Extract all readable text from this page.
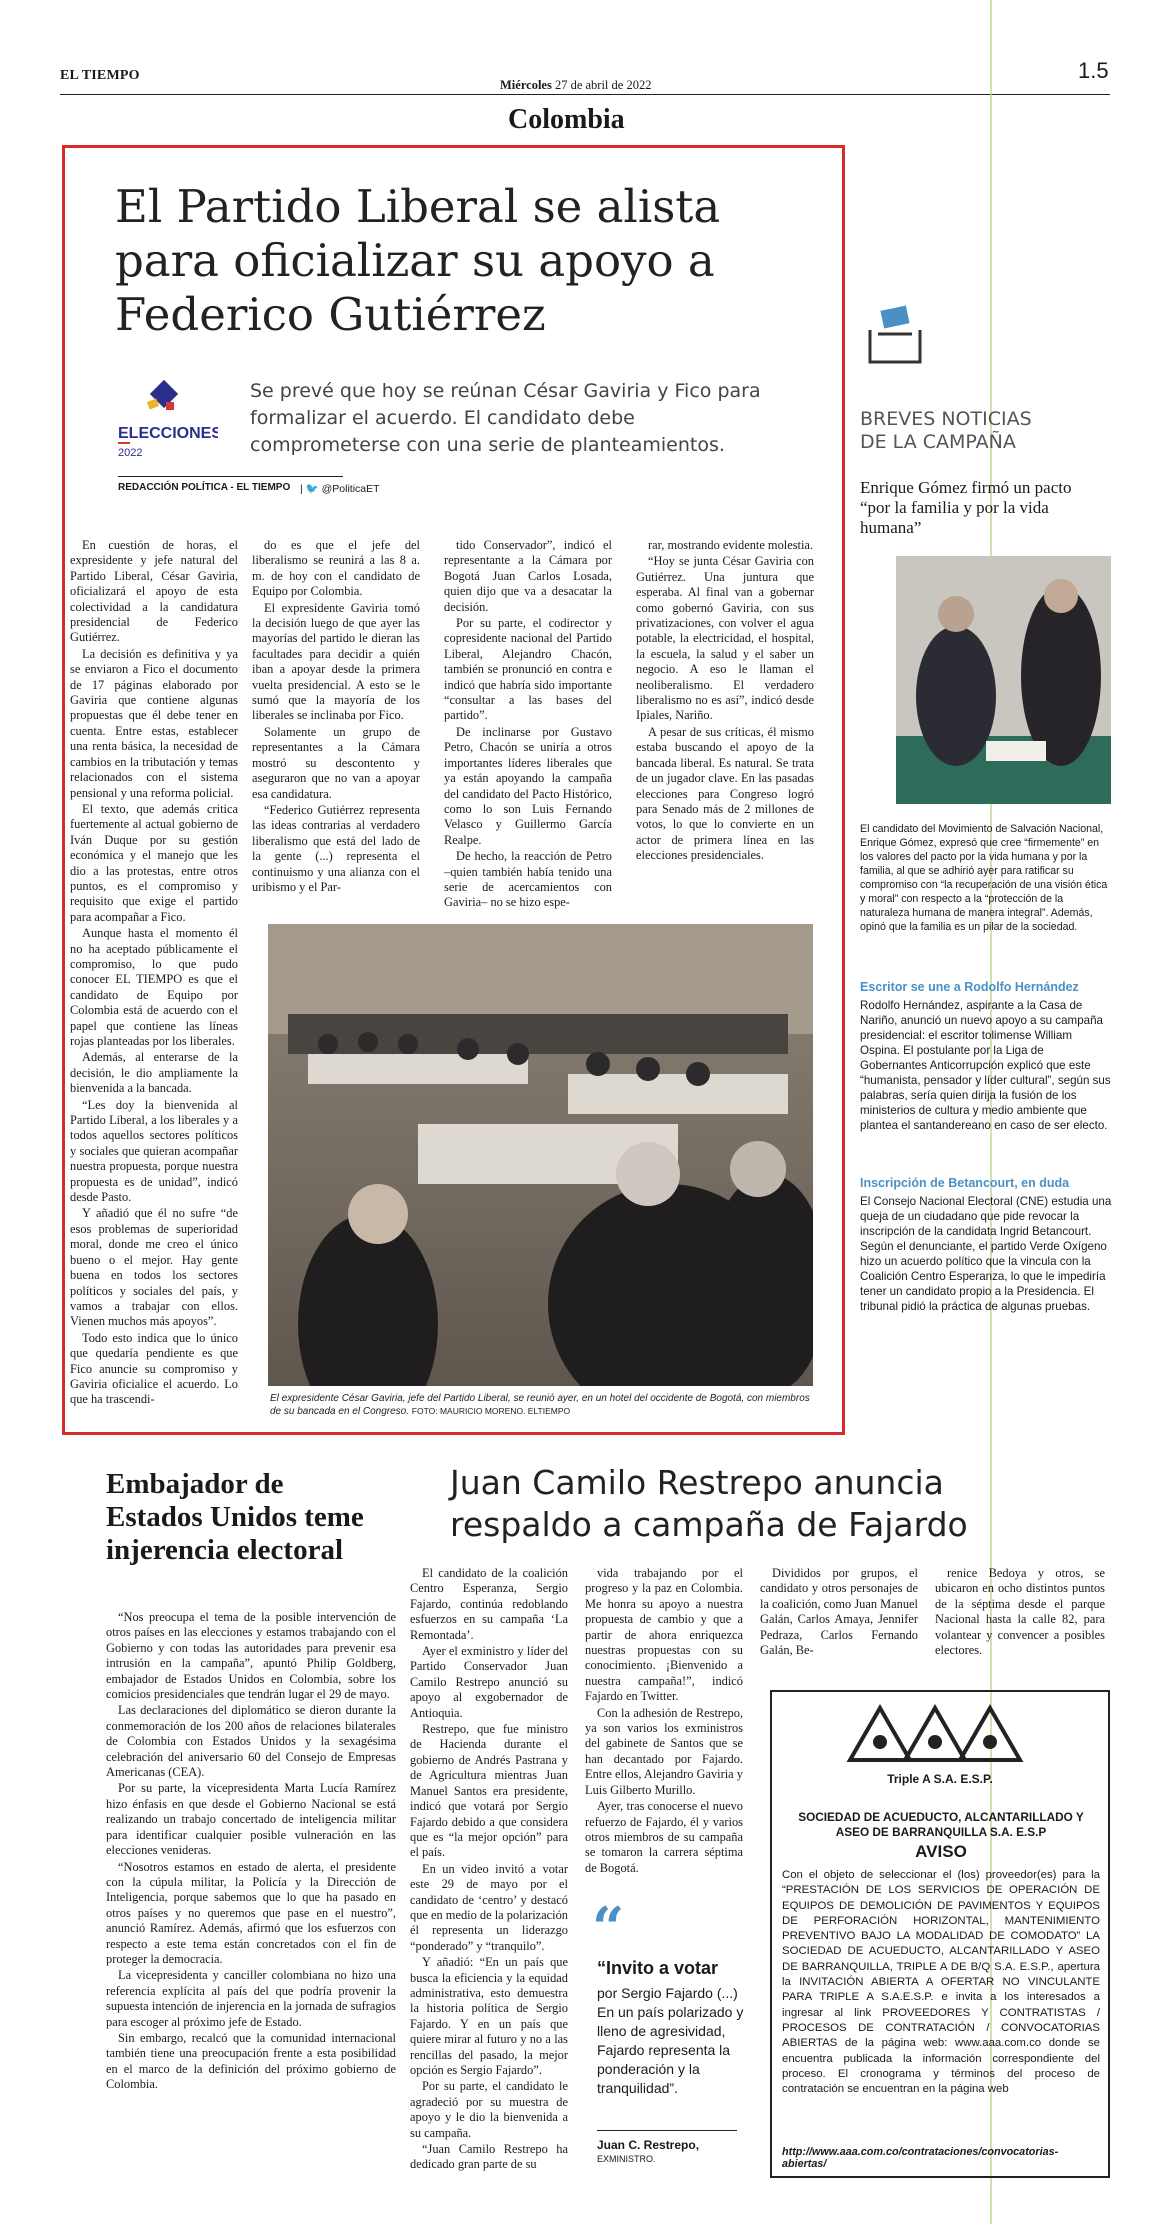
EL TIEMPO
Miércoles 27 de abril de 2022
1.5
Colombia
El Partido Liberal se alista para oficializar su apoyo a Federico Gutiérrez
ELECCIONES
2022
Se prevé que hoy se reúnan César Gaviria y Fico para formalizar el acuerdo. El candidato debe comprometerse con una serie de planteamientos.
REDACCIÓN POLÍTICA - EL TIEMPO | 🐦 @PoliticaET

En cuestión de horas, el expresidente y jefe natural del Partido Liberal, César Gaviria, oficializará el apoyo de esta colectividad a la candidatura presidencial de Federico Gutiérrez.

La decisión es definitiva y ya se enviaron a Fico el documento de 17 páginas elaborado por Gaviria que contiene algunas propuestas que él debe tener en cuenta. Entre estas, establecer una renta básica, la necesidad de cambios en la tributación y temas relacionados con el sistema pensional y una reforma policial.

El texto, que además critica fuertemente al actual gobierno de Iván Duque por su gestión económica y el manejo que les dio a las protestas, entre otros puntos, es el compromiso y requisito que exige el partido para acompañar a Fico.

Aunque hasta el momento él no ha aceptado públicamente el compromiso, lo que pudo conocer EL TIEMPO es que el candidato de Equipo por Colombia está de acuerdo con el papel que contiene las líneas rojas planteadas por los liberales.

Además, al enterarse de la decisión, le dio ampliamente la bienvenida a la bancada.

“Les doy la bienvenida al Partido Liberal, a los liberales y a todos aquellos sectores políticos y sociales que quieran acompañar nuestra propuesta, porque nuestra propuesta es de unidad”, indicó desde Pasto.

Y añadió que él no sufre “de esos problemas de superioridad moral, donde me creo el único bueno o el mejor. Hay gente buena en todos los sectores políticos y sociales del país, y vamos a trabajar con ellos. Vienen muchos más apoyos”.

Todo esto indica que lo único que quedaría pendiente es que Fico anuncie su compromiso y Gaviria oficialice el acuerdo. Lo que ha trascendi-

do es que el jefe del liberalismo se reunirá a las 8 a. m. de hoy con el candidato de Equipo por Colombia.

El expresidente Gaviria tomó la decisión luego de que ayer las mayorías del partido le dieran las facultades para decidir a quién iban a apoyar desde la primera vuelta presidencial. A esto se le sumó que la mayoría de los liberales se inclinaba por Fico.

Solamente un grupo de representantes a la Cámara mostró su descontento y aseguraron que no van a apoyar esa candidatura.

“Federico Gutiérrez representa las ideas contrarias al verdadero liberalismo que está del lado de la gente (...) representa el continuismo y una alianza con el uribismo y el Par-

tido Conservador”, indicó el representante a la Cámara por Bogotá Juan Carlos Losada, quien dijo que va a desacatar la decisión.

Por su parte, el codirector y copresidente nacional del Partido Liberal, Alejandro Chacón, también se pronunció en contra e indicó que habría sido importante “consultar a las bases del partido”.

De inclinarse por Gustavo Petro, Chacón se uniría a otros importantes líderes liberales que ya están apoyando la campaña del candidato del Pacto Histórico, como lo son Luis Fernando Velasco y Guillermo García Realpe.

De hecho, la reacción de Petro –quien también había tenido una serie de acercamientos con Gaviria– no se hizo espe-

rar, mostrando evidente molestia.

“Hoy se junta César Gaviria con Gutiérrez. Una juntura que esperaba. Al final van a gobernar como gobernó Gaviria, con sus privatizaciones, con volver el agua potable, la electricidad, el hospital, la escuela, la salud y el saber un negocio. A eso le llaman el neoliberalismo. El verdadero liberalismo no es así”, indicó desde Ipiales, Nariño.

A pesar de sus críticas, él mismo estaba buscando el apoyo de la bancada liberal. Es natural. Se trata de un jugador clave. En las pasadas elecciones para Congreso logró para Senado más de 2 millones de votos, lo que lo convierte en un actor de primera línea en las elecciones presidenciales.

El expresidente César Gaviria, jefe del Partido Liberal, se reunió ayer, en un hotel del occidente de Bogotá, con miembros de su bancada en el Congreso. FOTO: MAURICIO MORENO. ELTIEMPO
BREVES NOTICIAS
DE LA CAMPAÑA
Enrique Gómez firmó un pacto “por la familia y por la vida humana”
El candidato del Movimiento de Salvación Nacional, Enrique Gómez, expresó que cree “firmemente” en los valores del pacto por la vida humana y por la familia, al que se adhirió ayer para ratificar su compromiso con “la recuperación de una visión ética y moral” con respecto a la “protección de la naturaleza humana de manera integral”. Además, opinó que la familia es un pilar de la sociedad.
Escritor se une a Rodolfo Hernández
Rodolfo Hernández, aspirante a la Casa de Nariño, anunció un nuevo apoyo a su campaña presidencial: el escritor tolimense William Ospina. El postulante por la Liga de Gobernantes Anticorrupción explicó que este “humanista, pensador y líder cultural”, según sus palabras, sería quien dirija la fusión de los ministerios de cultura y medio ambiente que plantea el santandereano en caso de ser electo.
Inscripción de Betancourt, en duda
El Consejo Nacional Electoral (CNE) estudia una queja de un ciudadano que pide revocar la inscripción de la candidata Ingrid Betancourt. Según el denunciante, el partido Verde Oxígeno hizo un acuerdo político que la vincula con la Coalición Centro Esperanza, lo que le impediría tener un candidato propio a la Presidencia. El tribunal pidió la práctica de algunas pruebas.
Embajador de Estados Unidos teme injerencia electoral

“Nos preocupa el tema de la posible intervención de otros países en las elecciones y estamos trabajando con el Gobierno y con todas las autoridades para prevenir esa intrusión en la campaña”, apuntó Philip Goldberg, embajador de Estados Unidos en Colombia, sobre los comicios presidenciales que tendrán lugar el 29 de mayo.

Las declaraciones del diplomático se dieron durante la conmemoración de los 200 años de relaciones bilaterales de Colombia con Estados Unidos y la sexagésima celebración del aniversario 60 del Consejo de Empresas Americanas (CEA).

Por su parte, la vicepresidenta Marta Lucía Ramírez hizo énfasis en que desde el Gobierno Nacional se está realizando un trabajo concertado de inteligencia militar para identificar cualquier posible vulneración en las elecciones venideras.

“Nosotros estamos en estado de alerta, el presidente con la cúpula militar, la Policía y la Dirección de Inteligencia, porque sabemos que lo que ha pasado en otros países y no queremos que pase en el nuestro”, anunció Ramírez. Además, afirmó que los esfuerzos con respecto a este tema están concretados con el fin de proteger la democracia.

La vicepresidenta y canciller colombiana no hizo una referencia explícita al país del que podría provenir la supuesta intención de injerencia en la jornada de sufragios para escoger al próximo jefe de Estado.

Sin embargo, recalcó que la comunidad internacional también tiene una preocupación frente a esta posibilidad en el marco de la definición del próximo gobierno de Colombia.

Juan Camilo Restrepo anuncia respaldo a campaña de Fajardo

El candidato de la coalición Centro Esperanza, Sergio Fajardo, continúa redoblando esfuerzos en su campaña ‘La Remontada’.

Ayer el exministro y líder del Partido Conservador Juan Camilo Restrepo anunció su apoyo al exgobernador de Antioquia.

Restrepo, que fue ministro de Hacienda durante el gobierno de Andrés Pastrana y de Agricultura mientras Juan Manuel Santos era presidente, indicó que votará por Sergio Fajardo debido a que considera que es “la mejor opción” para el país.

En un video invitó a votar este 29 de mayo por el candidato de ‘centro’ y destacó que en medio de la polarización él representa un liderazgo “ponderado” y “tranquilo”.

Y añadió: “En un país que busca la eficiencia y la equidad administrativa, esto demuestra la historia política de Sergio Fajardo. Y en un país que quiere mirar al futuro y no a las rencillas del pasado, la mejor opción es Sergio Fajardo”.

Por su parte, el candidato le agradeció por su muestra de apoyo y le dio la bienvenida a su campaña.

“Juan Camilo Restrepo ha dedicado gran parte de su

vida trabajando por el progreso y la paz en Colombia. Me honra su apoyo a nuestra propuesta de cambio y que a partir de ahora enriquezca nuestras propuestas con su conocimiento. ¡Bienvenido a nuestra campaña!”, indicó Fajardo en Twitter.

Con la adhesión de Restrepo, ya son varios los exministros del gabinete de Santos que se han decantado por Fajardo. Entre ellos, Alejandro Gaviria y Luis Gilberto Murillo.

Ayer, tras conocerse el nuevo refuerzo de Fajardo, él y varios otros miembros de su campaña se tomaron la carrera séptima de Bogotá.

Divididos por grupos, el candidato y otros personajes de la coalición, como Juan Manuel Galán, Carlos Amaya, Jennifer Pedraza, Carlos Fernando Galán, Be-

renice Bedoya y otros, se ubicaron en ocho distintos puntos de la séptima desde el parque Nacional hasta la calle 82, para volantear y convencer a posibles electores.

“
“Invito a votar
por Sergio Fajardo (...) En un país polarizado y lleno de agresividad, Fajardo representa la ponderación y la tranquilidad”.
Juan C. Restrepo,
EXMINISTRO.
Triple A S.A. E.S.P.
SOCIEDAD DE ACUEDUCTO, ALCANTARILLADO Y ASEO DE BARRANQUILLA S.A. E.S.P
AVISO
Con el objeto de seleccionar el (los) proveedor(es) para la “PRESTACIÓN DE LOS SERVICIOS DE OPERACIÓN DE EQUIPOS DE DEMOLICIÓN DE PAVIMENTOS Y EQUIPOS DE PERFORACIÓN HORIZONTAL, MANTENIMIENTO PREVENTIVO BAJO LA MODALIDAD DE COMODATO” LA SOCIEDAD DE ACUEDUCTO, ALCANTARILLADO Y ASEO DE BARRANQUILLA, TRIPLE A DE B/Q S.A. E.S.P., apertura la INVITACIÓN ABIERTA A OFERTAR NO VINCULANTE PARA TRIPLE A S.A.E.S.P. e invita a los interesados a ingresar al link PROVEEDORES Y CONTRATISTAS / PROCESOS DE CONTRATACIÓN / CONVOCATORIAS ABIERTAS de la página web: www.aaa.com.co donde se encuentra publicada la información correspondiente del proceso. El cronograma y términos del proceso de contratación se encuentran en la página web
http://www.aaa.com.co/contrataciones/convocatorias-abiertas/
